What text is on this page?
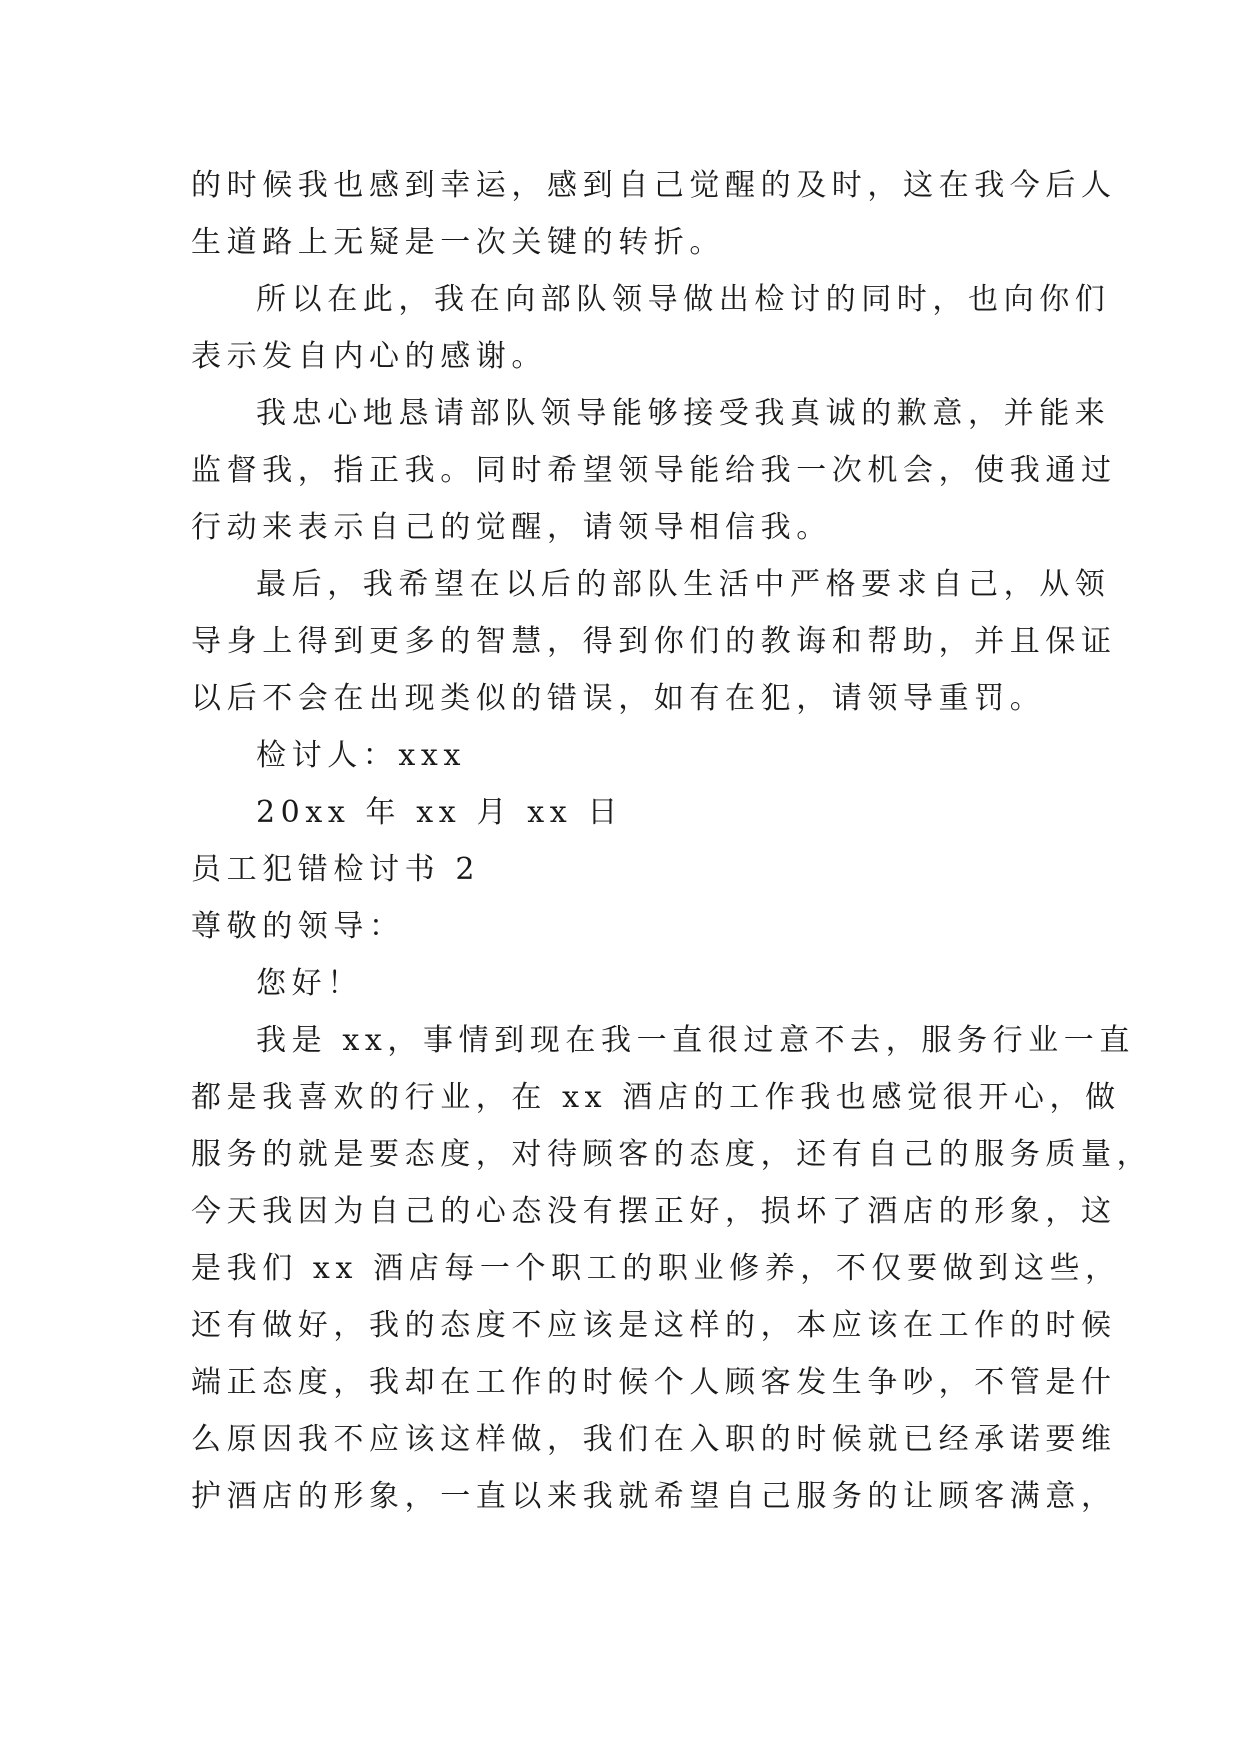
的时候我也感到幸运，感到自己觉醒的及时，这在我今后人
生道路上无疑是一次关键的转折。
所以在此，我在向部队领导做出检讨的同时，也向你们
表示发自内心的感谢。
我忠心地恳请部队领导能够接受我真诚的歉意，并能来
监督我，指正我。同时希望领导能给我一次机会，使我通过
行动来表示自己的觉醒，请领导相信我。
最后，我希望在以后的部队生活中严格要求自己，从领
导身上得到更多的智慧，得到你们的教诲和帮助，并且保证
以后不会在出现类似的错误，如有在犯，请领导重罚。
检讨人：xxx
20xx 年 xx 月 xx 日
员工犯错检讨书 2
尊敬的领导：
您好！
我是 xx，事情到现在我一直很过意不去，服务行业一直
都是我喜欢的行业，在 xx 酒店的工作我也感觉很开心，做
服务的就是要态度，对待顾客的态度，还有自己的服务质量，
今天我因为自己的心态没有摆正好，损坏了酒店的形象，这
是我们 xx 酒店每一个职工的职业修养，不仅要做到这些，
还有做好，我的态度不应该是这样的，本应该在工作的时候
端正态度，我却在工作的时候个人顾客发生争吵，不管是什
么原因我不应该这样做，我们在入职的时候就已经承诺要维
护酒店的形象，一直以来我就希望自己服务的让顾客满意，
